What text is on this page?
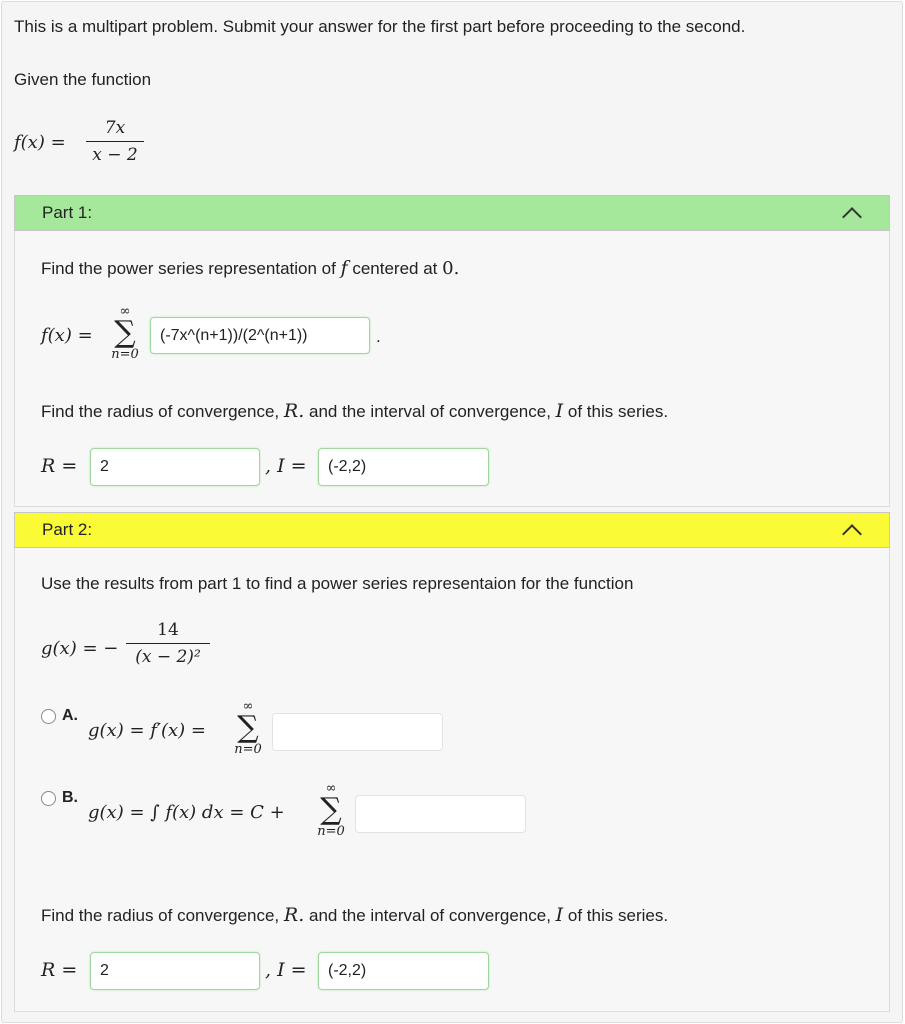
This is a multipart problem. Submit your answer for the first part before proceeding to the second.
Given the function
f(x) =
7x
x − 2
Part 1:
Find the power series representation of f centered at 0.
f(x) =
∞
∑
n=0
(-7x^(n+1))/(2^(n+1))	.
Find the radius of convergence, R. and the interval of convergence, I of this series.
R = 2	, I = (-2,2)
Part 2:
Use the results from part 1 to find a power series representaion for the function
g(x) = −
14
(x − 2)²
A.
g(x) = f′(x) =
∞
∑
n=0
B.
g(x) = ∫ f(x) dx = C +
∞
∑
n=0
Find the radius of convergence, R. and the interval of convergence, I of this series.
R = 2	, I = (-2,2)
